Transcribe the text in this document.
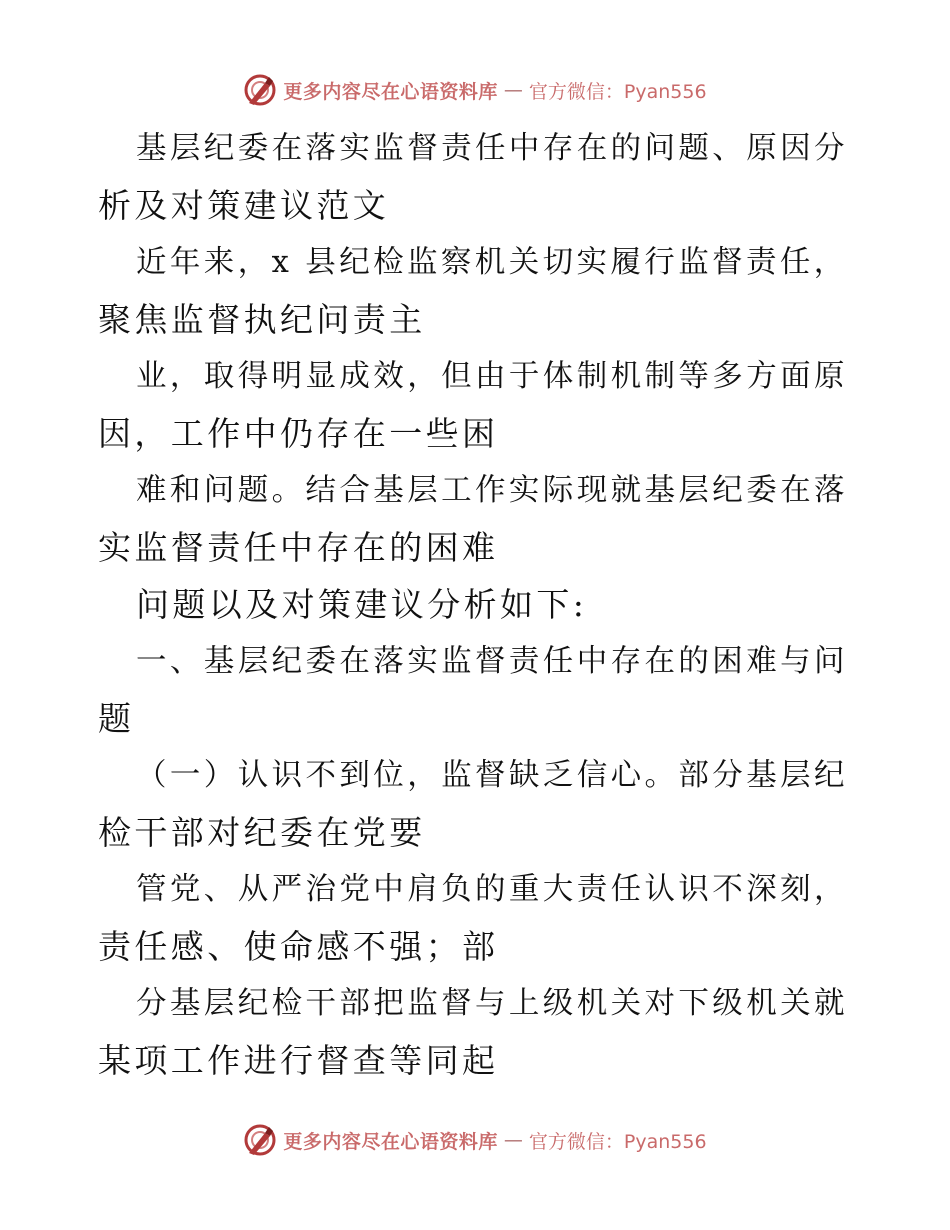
更多内容尽在心语资料库 — 官方微信：Pyan556
基层纪委在落实监督责任中存在的问题、原因分
析及对策建议范文
近年来，x 县纪检监察机关切实履行监督责任，
聚焦监督执纪问责主
业，取得明显成效，但由于体制机制等多方面原
因，工作中仍存在一些困
难和问题。结合基层工作实际现就基层纪委在落
实监督责任中存在的困难
问题以及对策建议分析如下:
一、基层纪委在落实监督责任中存在的困难与问
题
（一）认识不到位，监督缺乏信心。部分基层纪
检干部对纪委在党要
管党、从严治党中肩负的重大责任认识不深刻，
责任感、使命感不强；部
分基层纪检干部把监督与上级机关对下级机关就
某项工作进行督查等同起
更多内容尽在心语资料库 — 官方微信：Pyan556
